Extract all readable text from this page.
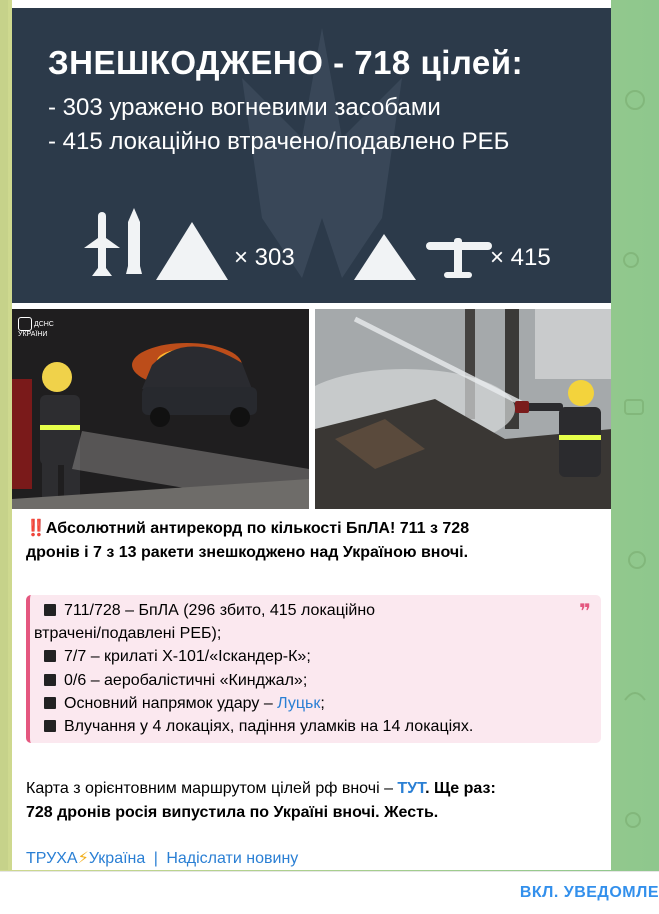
ЗНЕШКОДЖЕНО - 718 цілей:
- 303 уражено вогневими засобами
- 415 локаційно втрачено/подавлено РЕБ
× 303	× 415
ДСНС УКРАЇНИ
‼️Абсолютний антирекорд по кількості БпЛА! 711 з 728
дронів і 7 з 13 ракети знешкоджено над Україною вночі.
❞
711/728 – БпЛА (296 збито, 415 локаційно
втрачені/подавлені РЕБ);
7/7 – крилаті Х-101/«Іскандер-К»;
0/6 – аеробалістичні «Кинджал»;
Основний напрямок удару – Луцьк;
Влучання у 4 локаціях, падіння уламків на 14 локаціях.
Карта з орієнтовним маршрутом цілей рф вночі – ТУТ. Ще раз:
728 дронів росія випустила по Україні вночі. Жесть.
ТРУХА⚡Україна | Надіслати новину
ВКЛ. УВЕДОМЛЕ
